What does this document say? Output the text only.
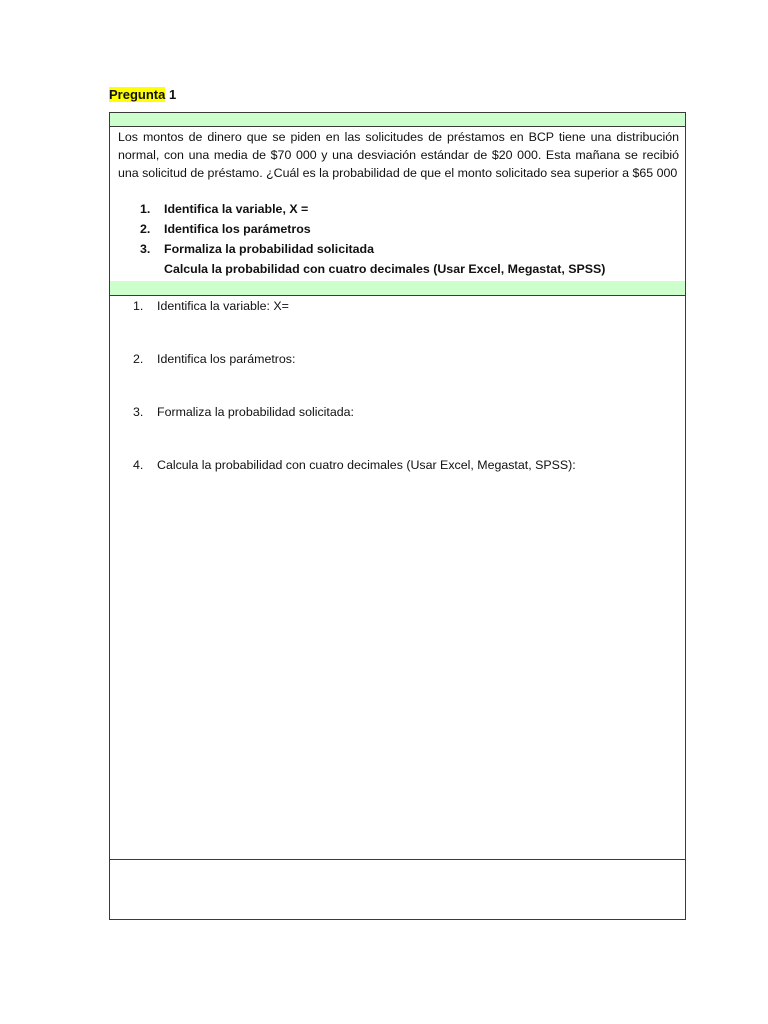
Pregunta 1
Los montos de dinero que se piden en las solicitudes de préstamos en BCP tiene una distribución normal, con una media de $70 000 y una desviación estándar de $20 000. Esta mañana se recibió una solicitud de préstamo. ¿Cuál es la probabilidad de que el monto solicitado sea superior a $65 000
1. Identifica la variable, X =
2. Identifica los parámetros
3. Formaliza la probabilidad solicitada
Calcula la probabilidad con cuatro decimales (Usar Excel, Megastat, SPSS)
1. Identifica la variable: X=
2. Identifica los parámetros:
3. Formaliza la probabilidad solicitada:
4. Calcula la probabilidad con cuatro decimales (Usar Excel, Megastat, SPSS):
